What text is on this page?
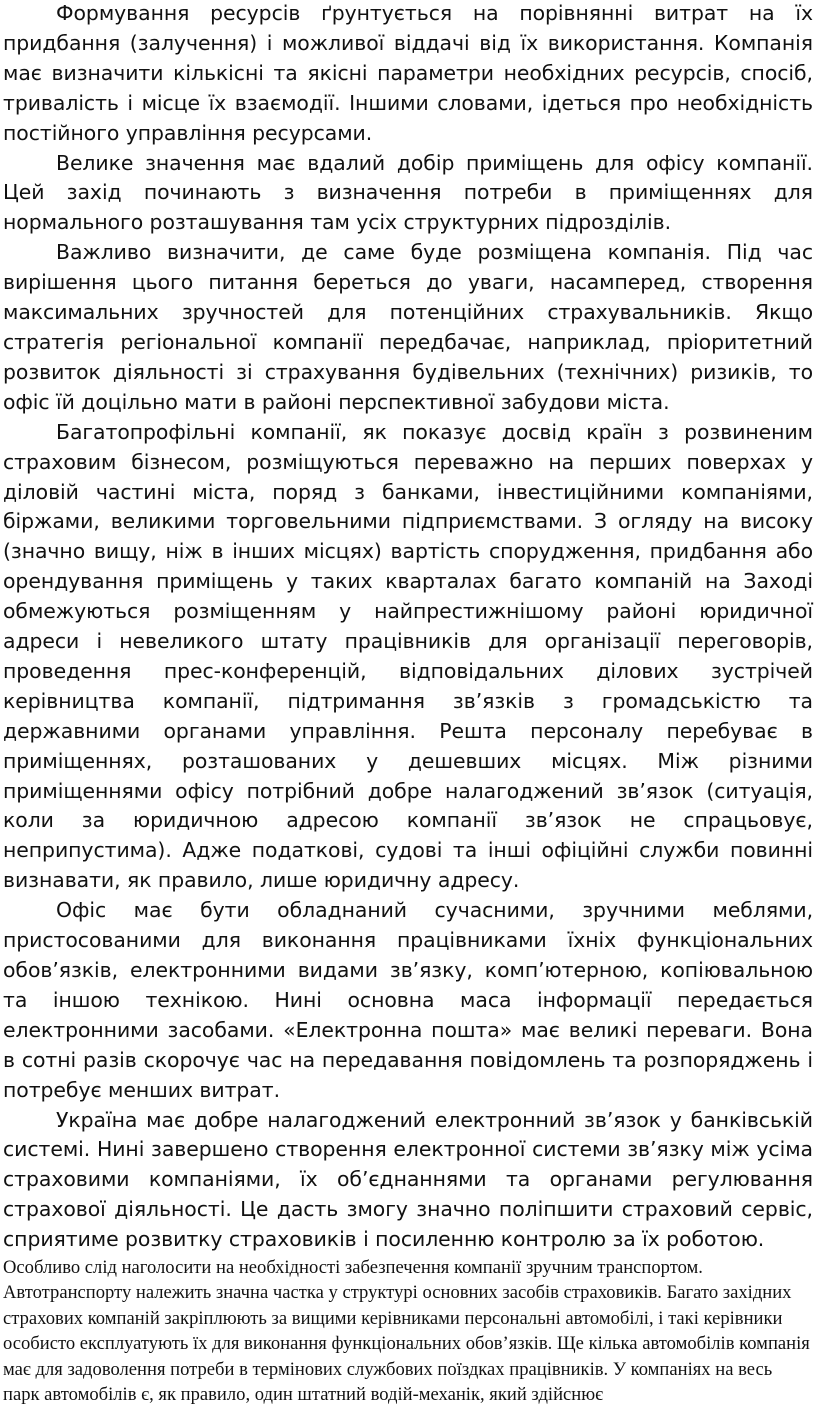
Формування ресурсів ґрунтується на порівнянні витрат на їх придбання (залучення) і можливої віддачі від їх використання. Компанія має визначити кількісні та якісні параметри необхідних ресурсів, спосіб, тривалість і місце їх взаємодії. Іншими словами, ідеться про необхідність постійного управління ресурсами.

Велике значення має вдалий добір приміщень для офісу компанії. Цей захід починають з визначення потреби в приміщеннях для нормального розташування там усіх структурних підрозділів.

Важливо визначити, де саме буде розміщена компанія. Під час вирішення цього питання береться до уваги, насамперед, створення максимальних зручностей для потенційних страхувальників. Якщо стратегія регіональної компанії передбачає, наприклад, пріоритетний розвиток діяльності зі страхування будівельних (технічних) ризиків, то офіс їй доцільно мати в районі перспективної забудови міста.

Багатопрофільні компанії, як показує досвід країн з розвиненим страховим бізнесом, розміщуються переважно на перших поверхах у діловій частині міста, поряд з банками, інвестиційними компаніями, біржами, великими торговельними підприємствами. З огляду на високу (значно вищу, ніж в інших місцях) вартість спорудження, придбання або орендування приміщень у таких кварталах багато компаній на Заході обмежуються розміщенням у найпрестижнішому районі юридичної адреси і невеликого штату працівників для організації переговорів, проведення прес-конференцій, відповідальних ділових зустрічей керівництва компанії, підтримання зв’язків з громадськістю та державними органами управління. Решта персоналу перебуває в приміщеннях, розташованих у дешевших місцях. Між різними приміщеннями офісу потрібний добре налагоджений зв’язок (ситуація, коли за юридичною адресою компанії зв’язок не спрацьовує, неприпустима). Адже податкові, судові та інші офіційні служби повинні визнавати, як правило, лише юридичну адресу.

Офіс має бути обладнаний сучасними, зручними меблями, пристосованими для виконання працівниками їхніх функціональних обов’язків, електронними видами зв’язку, комп’ютерною, копіювальною та іншою технікою. Нині основна маса інформації передається електронними засобами. «Електронна пошта» має великі переваги. Вона в сотні разів скорочує час на передавання повідомлень та розпоряджень і потребує менших витрат.

Україна має добре налагоджений електронний зв’язок у банківській системі. Нині завершено створення електронної системи зв’язку між усіма страховими компаніями, їх об’єднаннями та органами регулювання страхової діяльності. Це дасть змогу значно поліпшити страховий сервіс, сприятиме розвитку страховиків і посиленню контролю за їх роботою.

Особливо слід наголосити на необхідності забезпечення компанії зручним транспортом. Автотранспорту належить значна частка у структурі основних засобів страховиків. Багато західних страхових компаній закріплюють за вищими керівниками персональні автомобілі, і такі керівники особисто експлуатують їх для виконання функціональних обов’язків. Ще кілька автомобілів компанія має для задоволення потреби в термінових службових поїздках працівників. У компаніях на весь парк автомобілів є, як правило, один штатний водій-механік, який здійснює
